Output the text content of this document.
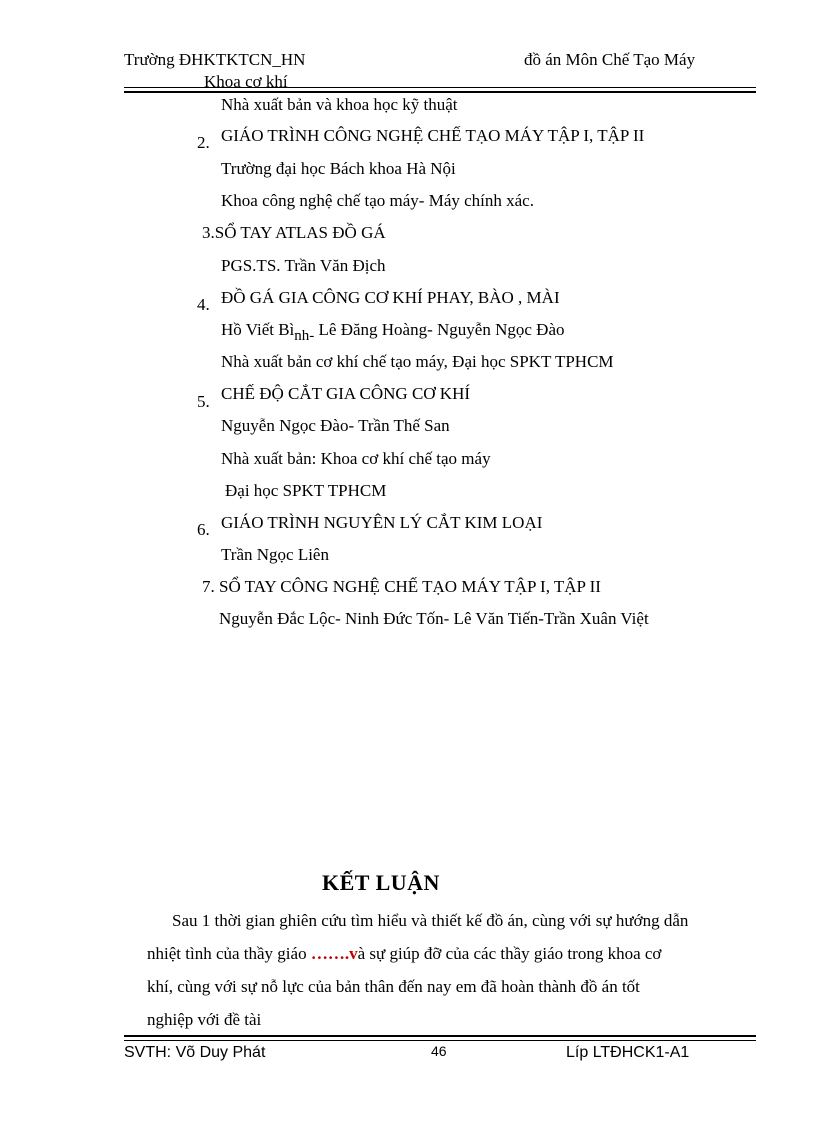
Trường ĐHKTKTCN_HN	đồ án Môn Chế Tạo Máy
Khoa cơ khí
Nhà xuất bản và khoa học kỹ thuật
2. GIÁO TRÌNH CÔNG NGHỆ CHẾ TẠO MÁY TẬP I, TẬP II
Trường đại học Bách khoa Hà Nội
Khoa công nghệ chế tạo máy- Máy chính xác.
3.SỔ TAY ATLAS ĐỒ GÁ
PGS.TS. Trần Văn Địch
4. ĐỒ GÁ GIA CÔNG CƠ KHÍ PHAY, BÀO , MÀI
Hồ Viết Bình- Lê Đăng Hoàng- Nguyễn Ngọc Đào
Nhà xuất bản cơ khí chế tạo máy, Đại học SPKT TPHCM
5. CHẾ ĐỘ CẮT GIA CÔNG CƠ KHÍ
Nguyễn Ngọc Đào- Trần Thế San
Nhà xuất bản: Khoa cơ khí chế tạo máy
Đại học SPKT TPHCM
6. GIÁO TRÌNH NGUYÊN LÝ CẮT KIM LOẠI
Trần Ngọc Liên
7. SỔ TAY CÔNG NGHỆ CHẾ TẠO MÁY TẬP I, TẬP II
Nguyễn Đắc Lộc- Ninh Đức Tốn- Lê Văn Tiến-Trần Xuân Việt
KẾT LUẬN
Sau 1 thời gian ghiên cứu tìm hiểu và thiết kế đồ án, cùng với sự hướng dẫn
nhiệt tình của thầy giáo …….và sự giúp đỡ của các thầy giáo trong khoa cơ
khí, cùng với sự nỗ lực của bản thân đến nay em đã hoàn thành đồ án tốt
nghiệp với đề tài
SVTH: Võ Duy Phát	46	Líp LTĐHCK1-A1
